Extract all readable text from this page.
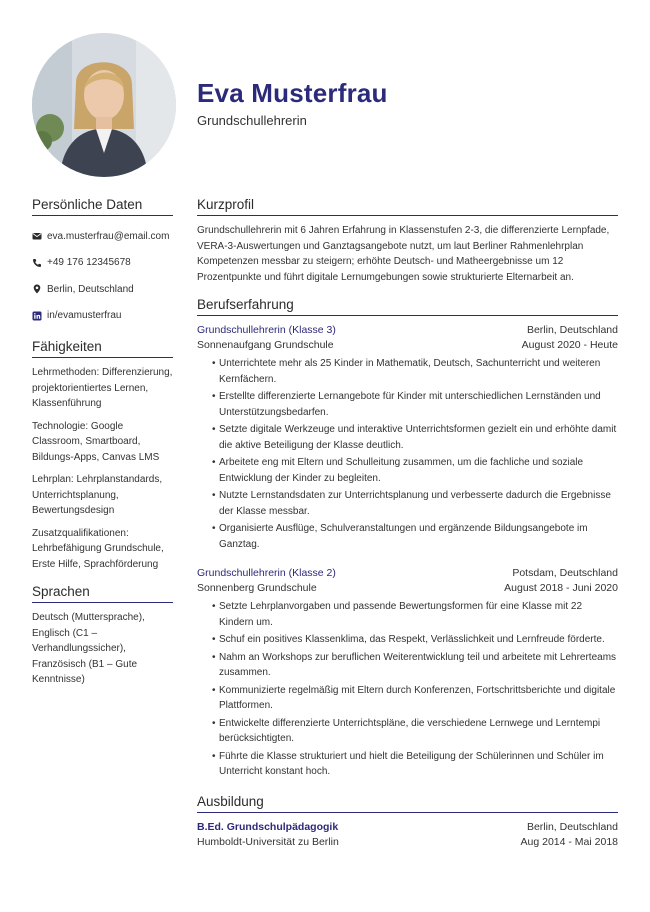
Eva Musterfrau
Grundschullehrerin
Persönliche Daten
eva.musterfrau@email.com
+49 176 12345678
Berlin, Deutschland
in/evamusterfrau
Fähigkeiten
Lehrmethoden: Differenzierung, projektorientiertes Lernen, Klassenführung
Technologie: Google Classroom, Smartboard, Bildungs-Apps, Canvas LMS
Lehrplan: Lehrplanstandards, Unterrichtsplanung, Bewertungsdesign
Zusatzqualifikationen: Lehrbefähigung Grundschule, Erste Hilfe, Sprachförderung
Sprachen
Deutsch (Muttersprache), Englisch (C1 – Verhandlungssicher), Französisch (B1 – Gute Kenntnisse)
Kurzprofil
Grundschullehrerin mit 6 Jahren Erfahrung in Klassenstufen 2-3, die differenzierte Lernpfade, VERA-3-Auswertungen und Ganztagsangebote nutzt, um laut Berliner Rahmenlehrplan Kompetenzen messbar zu steigern; erhöhte Deutsch- und Matheergebnisse um 12 Prozentpunkte und führt digitale Lernumgebungen sowie strukturierte Elternarbeit an.
Berufserfahrung
Grundschullehrerin (Klasse 3)
Sonnenaufgang Grundschule
Berlin, Deutschland
August 2020 - Heute
• Unterrichtete mehr als 25 Kinder in Mathematik, Deutsch, Sachunterricht und weiteren Kernfächern.
• Erstellte differenzierte Lernangebote für Kinder mit unterschiedlichen Lernständen und Unterstützungsbedarfen.
• Setzte digitale Werkzeuge und interaktive Unterrichtsformen gezielt ein und erhöhte damit die aktive Beteiligung der Klasse deutlich.
• Arbeitete eng mit Eltern und Schulleitung zusammen, um die fachliche und soziale Entwicklung der Kinder zu begleiten.
• Nutzte Lernstandsdaten zur Unterrichtsplanung und verbesserte dadurch die Ergebnisse der Klasse messbar.
• Organisierte Ausflüge, Schulveranstaltungen und ergänzende Bildungsangebote im Ganztag.
Grundschullehrerin (Klasse 2)
Sonnenberg Grundschule
Potsdam, Deutschland
August 2018 - Juni 2020
• Setzte Lehrplanvorgaben und passende Bewertungsformen für eine Klasse mit 22 Kindern um.
• Schuf ein positives Klassenklima, das Respekt, Verlässlichkeit und Lernfreude förderte.
• Nahm an Workshops zur beruflichen Weiterentwicklung teil und arbeitete mit Lehrerteams zusammen.
• Kommunizierte regelmäßig mit Eltern durch Konferenzen, Fortschrittsberichte und digitale Plattformen.
• Entwickelte differenzierte Unterrichtspläne, die verschiedene Lernwege und Lerntempi berücksichtigten.
• Führte die Klasse strukturiert und hielt die Beteiligung der Schülerinnen und Schüler im Unterricht konstant hoch.
Ausbildung
B.Ed. Grundschulpädagogik
Humboldt-Universität zu Berlin
Berlin, Deutschland
Aug 2014 - Mai 2018
